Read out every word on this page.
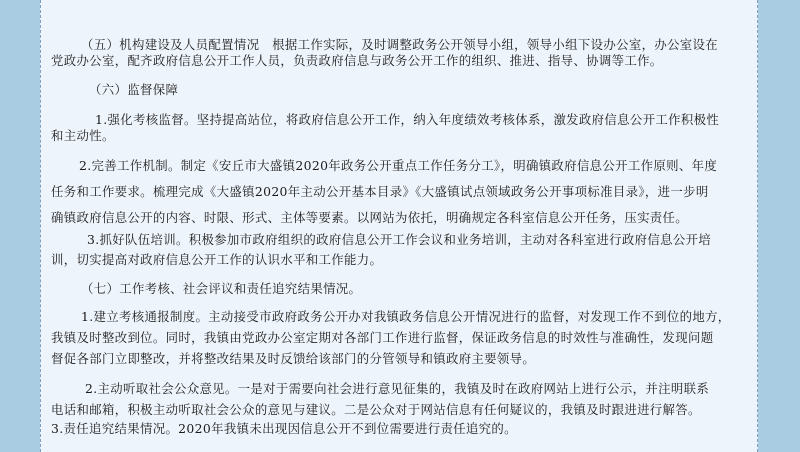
（五）机构建设及人员配置情况　根据工作实际，及时调整政务公开领导小组，领导小组下设办公室，办公室设在
党政办公室，配齐政府信息公开工作人员，负责政府信息与政务公开工作的组织、推进、指导、协调等工作。
（六）监督保障
1.强化考核监督。坚持提高站位，将政府信息公开工作，纳入年度绩效考核体系，激发政府信息公开工作积极性
和主动性。
2.完善工作机制。制定《安丘市大盛镇2020年政务公开重点工作任务分工》，明确镇政府信息公开工作原则、年度
任务和工作要求。梳理完成《大盛镇2020年主动公开基本目录》《大盛镇试点领域政务公开事项标准目录》，进一步明
确镇政府信息公开的内容、时限、形式、主体等要素。以网站为依托，明确规定各科室信息公开任务，压实责任。
3.抓好队伍培训。积极参加市政府组织的政府信息公开工作会议和业务培训，主动对各科室进行政府信息公开培
训，切实提高对政府信息公开工作的认识水平和工作能力。
（七）工作考核、社会评议和责任追究结果情况。
1.建立考核通报制度。主动接受市政府政务公开办对我镇政务信息公开情况进行的监督，对发现工作不到位的地方，
我镇及时整改到位。同时，我镇由党政办公室定期对各部门工作进行监督，保证政务信息的时效性与准确性，发现问题
督促各部门立即整改，并将整改结果及时反馈给该部门的分管领导和镇政府主要领导。
2.主动听取社会公众意见。一是对于需要向社会进行意见征集的，我镇及时在政府网站上进行公示，并注明联系
电话和邮箱，积极主动听取社会公众的意见与建议。二是公众对于网站信息有任何疑议的，我镇及时跟进进行解答。
3.责任追究结果情况。2020年我镇未出现因信息公开不到位需要进行责任追究的。
